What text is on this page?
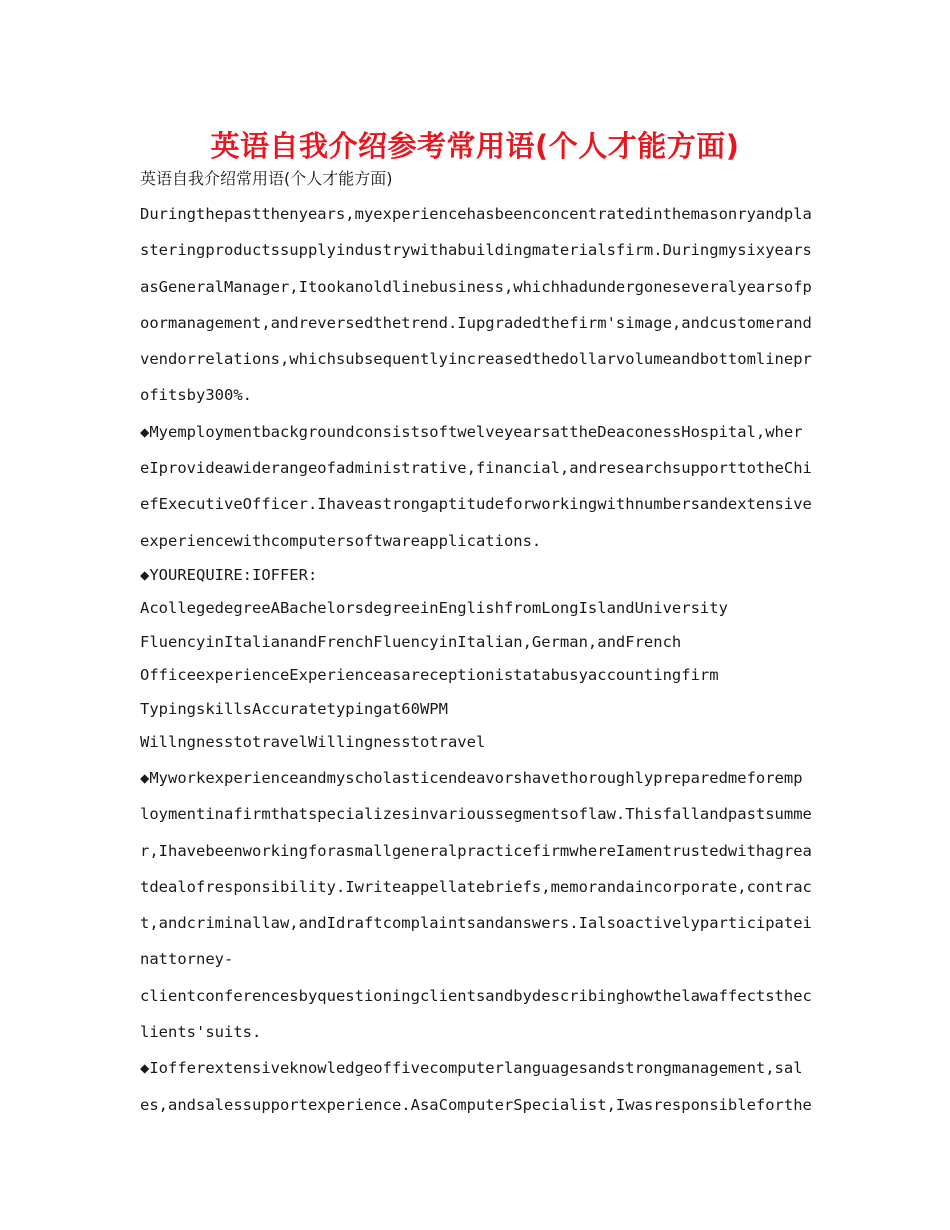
英语自我介绍参考常用语(个人才能方面)
英语自我介绍常用语(个人才能方面)
Duringthepastthenyears,myexperiencehasbeenconcentratedinthemasonryandpla
steringproductssupplyindustrywithabuildingmaterialsfirm.Duringmysixyears
asGeneralManager,Itookanoldlinebusiness,whichhadundergoneseveralyearsofp
oormanagement,andreversedthetrend.Iupgradedthefirm'simage,andcustomerand
vendorrelations,whichsubsequentlyincreasedthedollarvolumeandbottomlinepr
ofitsby300%.
◆MyemploymentbackgroundconsistsoftwelveyearsattheDeaconessHospital,wher
eIprovideawiderangeofadministrative,financial,andresearchsupporttotheChi
efExecutiveOfficer.Ihaveastrongaptitudeforworkingwithnumbersandextensive
experiencewithcomputersoftwareapplications.
◆YOUREQUIRE:IOFFER:
AcollegedegreeABachelorsdegreeinEnglishfromLongIslandUniversity
FluencyinItalianandFrenchFluencyinItalian,German,andFrench
OfficeexperienceExperienceasareceptionistatabusyaccountingfirm
TypingskillsAccuratetypingat60WPM
WillngnesstotravelWillingnesstotravel
◆Myworkexperienceandmyscholasticendeavorshavethoroughlypreparedmeforemp
loymentinafirmthatspecializesinvarioussegmentsoflaw.Thisfallandpastsumme
r,IhavebeenworkingforasmallgeneralpracticefirmwhereIamentrustedwithagrea
tdealofresponsibility.Iwriteappellatebriefs,memorandaincorporate,contrac
t,andcriminallaw,andIdraftcomplaintsandanswers.Ialsoactivelyparticipatei
nattorney-
clientconferencesbyquestioningclientsandbydescribinghowthelawaffectsthec
lients'suits.
◆Iofferextensiveknowledgeoffivecomputerlanguagesandstrongmanagement,sal
es,andsalessupportexperience.AsaComputerSpecialist,Iwasresponsibleforthe
